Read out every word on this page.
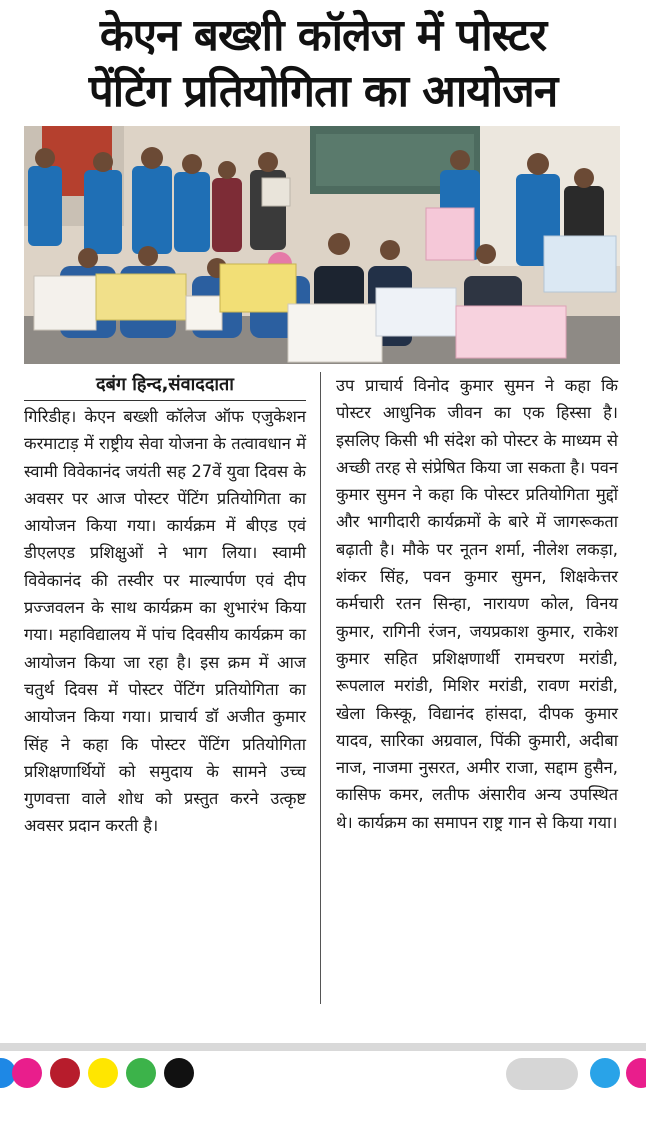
केएन बख्शी कॉलेज में पोस्टर
पेंटिंग प्रतियोगिता का आयोजन
दबंग हिन्द,संवाददाता

गिरिडीह। केएन बख्शी कॉलेज ऑफ एजुकेशन करमाटाड़ में राष्ट्रीय सेवा योजना के तत्वावधान में स्वामी विवेकानंद जयंती सह 27वें युवा दिवस के अवसर पर आज पोस्टर पेंटिंग प्रतियोगिता का आयोजन किया गया। कार्यक्रम में बीएड एवं डीएलएड प्रशिक्षुओं ने भाग लिया। स्वामी विवेकानंद की तस्वीर पर माल्यार्पण एवं दीप प्रज्जवलन के साथ कार्यक्रम का शुभारंभ किया गया। महाविद्यालय में पांच दिवसीय कार्यक्रम का आयोजन किया जा रहा है। इस क्रम में आज चतुर्थ दिवस में पोस्टर पेंटिंग प्रतियोगिता का आयोजन किया गया। प्राचार्य डॉ अजीत कुमार सिंह ने कहा कि पोस्टर पेंटिंग प्रतियोगिता प्रशिक्षणार्थियों को समुदाय के सामने उच्च गुणवत्ता वाले शोध को प्रस्तुत करने उत्कृष्ट अवसर प्रदान करती है।

उप प्राचार्य विनोद कुमार सुमन ने कहा कि पोस्टर आधुनिक जीवन का एक हिस्सा है। इसलिए किसी भी संदेश को पोस्टर के माध्यम से अच्छी तरह से संप्रेषित किया जा सकता है। पवन कुमार सुमन ने कहा कि पोस्टर प्रतियोगिता मुद्दों और भागीदारी कार्यक्रमों के बारे में जागरूकता बढ़ाती है। मौके पर नूतन शर्मा, नीलेश लकड़ा, शंकर सिंह, पवन कुमार सुमन, शिक्षकेत्तर कर्मचारी रतन सिन्हा, नारायण कोल, विनय कुमार, रागिनी रंजन, जयप्रकाश कुमार, राकेश कुमार सहित प्रशिक्षणार्थी रामचरण मरांडी, रूपलाल मरांडी, मिशिर मरांडी, रावण मरांडी, खेला किस्कू, विद्यानंद हांसदा, दीपक कुमार यादव, सारिका अग्रवाल, पिंकी कुमारी, अदीबा नाज, नाजमा नुसरत, अमीर राजा, सद्दाम हुसैन, कासिफ कमर, लतीफ अंसारीव अन्य उपस्थित थे। कार्यक्रम का समापन राष्ट्र गान से किया गया।
